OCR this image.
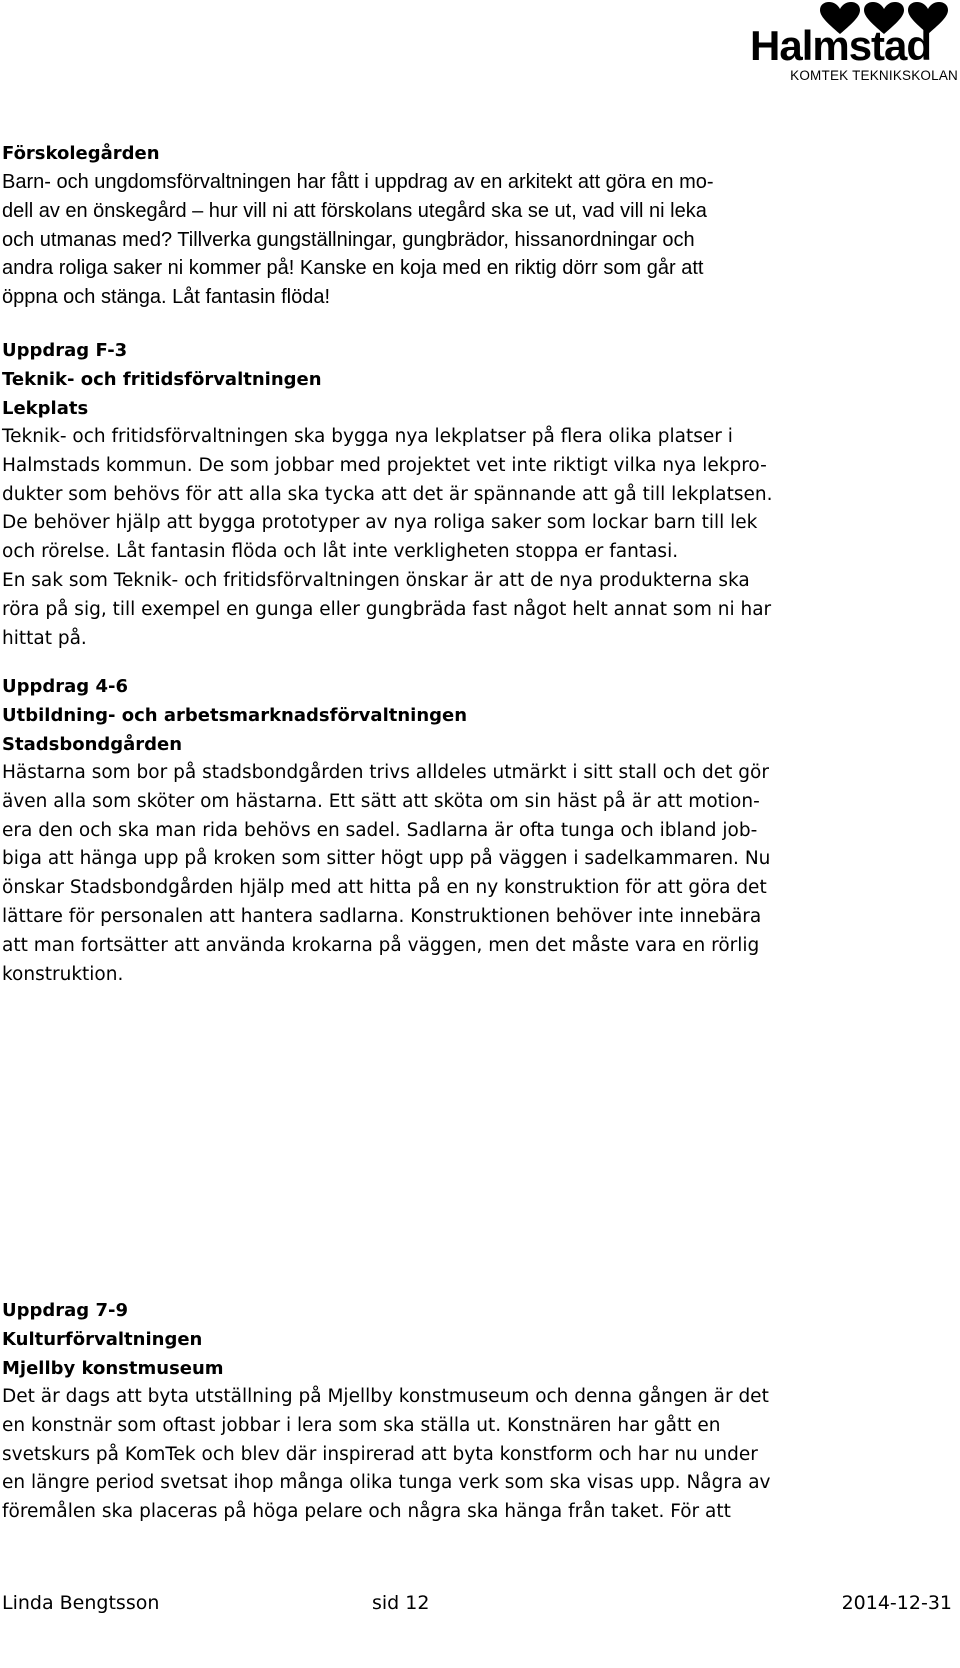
Halmstad
KOMTEK TEKNIKSKOLAN
Förskolegården
Barn- och ungdomsförvaltningen har fått i uppdrag av en arkitekt att göra en mo-
dell av en önskegård – hur vill ni att förskolans utegård ska se ut, vad vill ni leka
och utmanas med? Tillverka gungställningar, gungbrädor, hissanordningar och
andra roliga saker ni kommer på! Kanske en koja med en riktig dörr som går att
öppna och stänga. Låt fantasin flöda!
Uppdrag F-3
Teknik- och fritidsförvaltningen
Lekplats
Teknik- och fritidsförvaltningen ska bygga nya lekplatser på flera olika platser i
Halmstads kommun. De som jobbar med projektet vet inte riktigt vilka nya lekpro-
dukter som behövs för att alla ska tycka att det är spännande att gå till lekplatsen.
De behöver hjälp att bygga prototyper av nya roliga saker som lockar barn till lek
och rörelse. Låt fantasin flöda och låt inte verkligheten stoppa er fantasi.
En sak som Teknik- och fritidsförvaltningen önskar är att de nya produkterna ska
röra på sig, till exempel en gunga eller gungbräda fast något helt annat som ni har
hittat på.
Uppdrag 4-6
Utbildning- och arbetsmarknadsförvaltningen
Stadsbondgården
Hästarna som bor på stadsbondgården trivs alldeles utmärkt i sitt stall och det gör
även alla som sköter om hästarna. Ett sätt att sköta om sin häst på är att motion-
era den och ska man rida behövs en sadel. Sadlarna är ofta tunga och ibland job-
biga att hänga upp på kroken som sitter högt upp på väggen i sadelkammaren. Nu
önskar Stadsbondgården hjälp med att hitta på en ny konstruktion för att göra det
lättare för personalen att hantera sadlarna. Konstruktionen behöver inte innebära
att man fortsätter att använda krokarna på väggen, men det måste vara en rörlig
konstruktion.
Uppdrag 7-9
Kulturförvaltningen
Mjellby konstmuseum
Det är dags att byta utställning på Mjellby konstmuseum och denna gången är det
en konstnär som oftast jobbar i lera som ska ställa ut. Konstnären har gått en
svetskurs på KomTek och blev där inspirerad att byta konstform och har nu under
en längre period svetsat ihop många olika tunga verk som ska visas upp. Några av
föremålen ska placeras på höga pelare och några ska hänga från taket. För att
Linda Bengtsson	sid 12	2014-12-31
